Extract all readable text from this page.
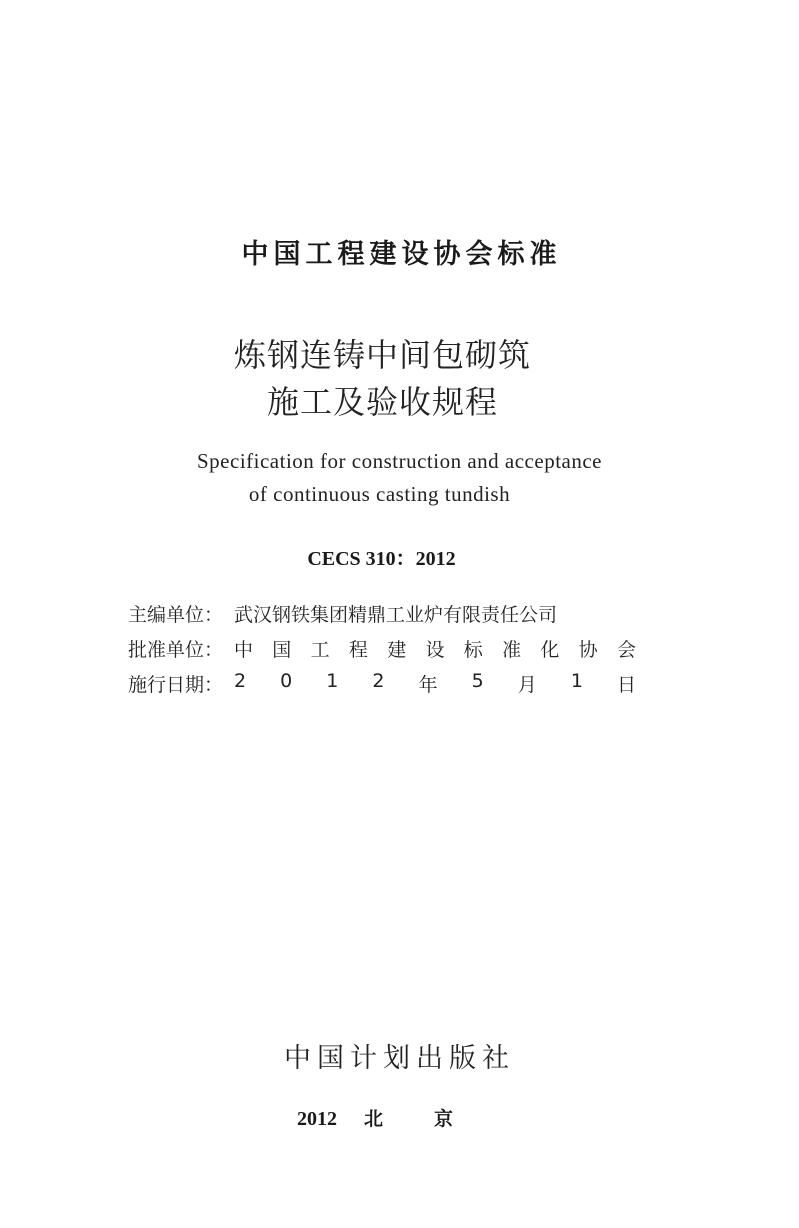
中国工程建设协会标准
炼钢连铸中间包砌筑
施工及验收规程
Specification for construction and acceptance
of continuous casting tundish
CECS 310：2012
主编单位： 武汉钢铁集团精鼎工业炉有限责任公司
批准单位： 中 国 工 程 建 设 标 准 化 协 会
施行日期： 2 0 1 2 年 5 月 1 日
中国计划出版社
2012 北	京
